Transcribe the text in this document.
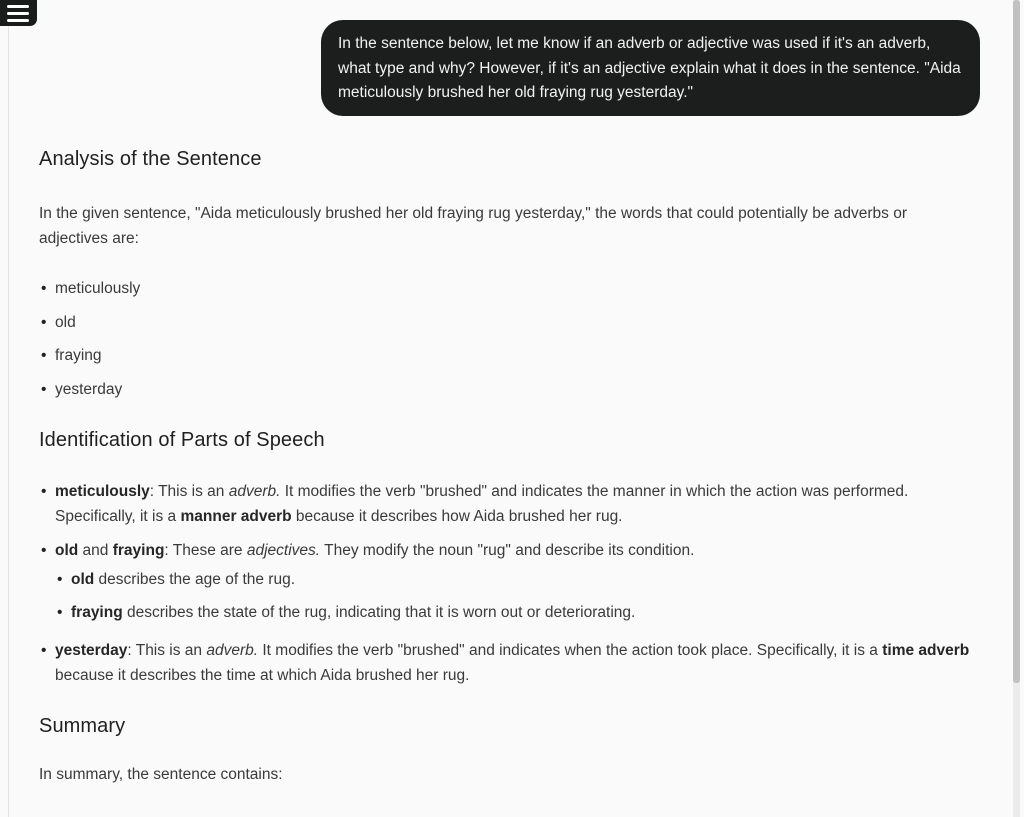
In the sentence below, let me know if an adverb or adjective was used if it's an adverb, what type and why? However, if it's an adjective explain what it does in the sentence. "Aida meticulously brushed her old fraying rug yesterday."
Analysis of the Sentence

In the given sentence, "Aida meticulously brushed her old fraying rug yesterday," the words that could potentially be adverbs or adjectives are:

• meticulously
• old
• fraying
• yesterday
Identification of Parts of Speech
• meticulously: This is an adverb. It modifies the verb "brushed" and indicates the manner in which the action was performed. Specifically, it is a manner adverb because it describes how Aida brushed her rug.
• old and fraying: These are adjectives. They modify the noun "rug" and describe its condition.
• old describes the age of the rug.
• fraying describes the state of the rug, indicating that it is worn out or deteriorating.
• yesterday: This is an adverb. It modifies the verb "brushed" and indicates when the action took place. Specifically, it is a time adverb because it describes the time at which Aida brushed her rug.
Summary

In summary, the sentence contains:
